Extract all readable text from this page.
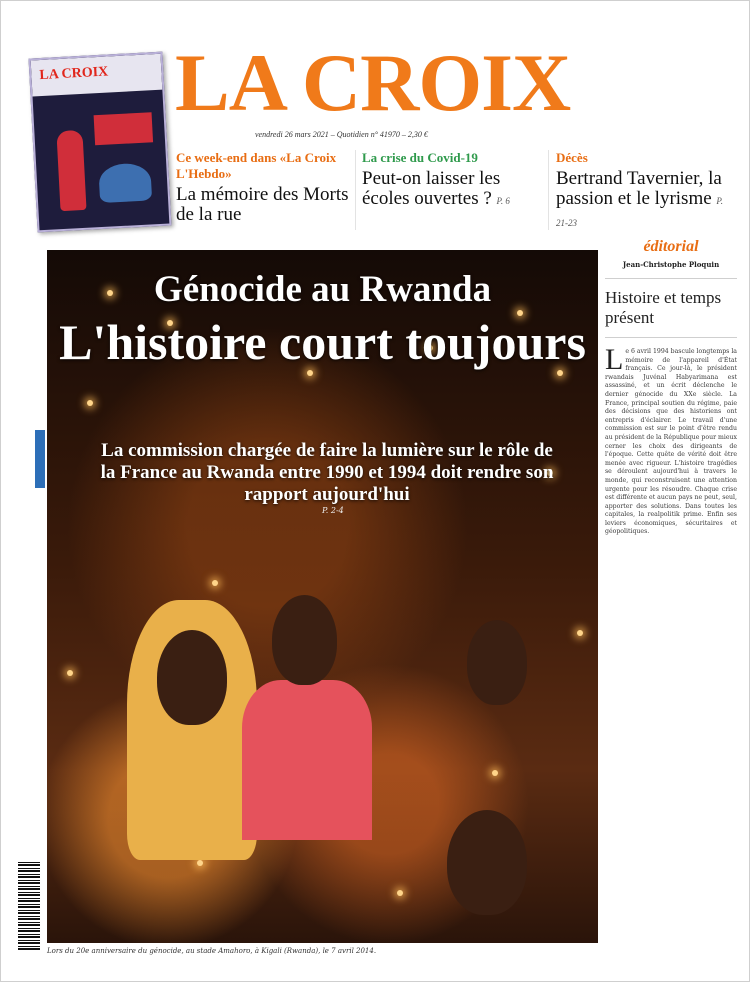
LA CROIX LA CROIX
vendredi 26 mars 2021 – Quotidien n° 41970 – 2,30 €
Ce week-end dans «La Croix L'Hebdo»
La mémoire des Morts de la rue
La crise du Covid-19
Peut-on laisser les écoles ouvertes ? P. 6
Décès
Bertrand Tavernier, la passion et le lyrisme P. 21-23
Génocide au Rwanda
L'histoire court toujours
La commission chargée de faire la lumière sur le rôle de la France au Rwanda entre 1990 et 1994 doit rendre son rapport aujourd'hui
P. 2-4
Lors du 20e anniversaire du génocide, au stade Amahoro, à Kigali (Rwanda), le 7 avril 2014.
éditorial
Jean-Christophe Ploquin
Histoire et temps présent
Le 6 avril 1994 bascule longtemps la mémoire de l'appareil d'État français. Ce jour-là, le président rwandais Juvénal Habyarimana est assassiné, et un écrit déclenche le dernier génocide du XXe siècle. La France, principal soutien du régime, paie des décisions que des historiens ont entrepris d'éclairer. Le travail d'une commission est sur le point d'être rendu au président de la République pour mieux cerner les choix des dirigeants de l'époque. Cette quête de vérité doit être menée avec rigueur. L'histoire tragédies se déroulent aujourd'hui à travers le monde, qui reconstruisent une attention urgente pour les résoudre. Chaque crise est différente et aucun pays ne peut, seul, apporter des solutions. Dans toutes les capitales, la realpolitik prime. Enfin ses leviers économiques, sécuritaires et géopolitiques.
